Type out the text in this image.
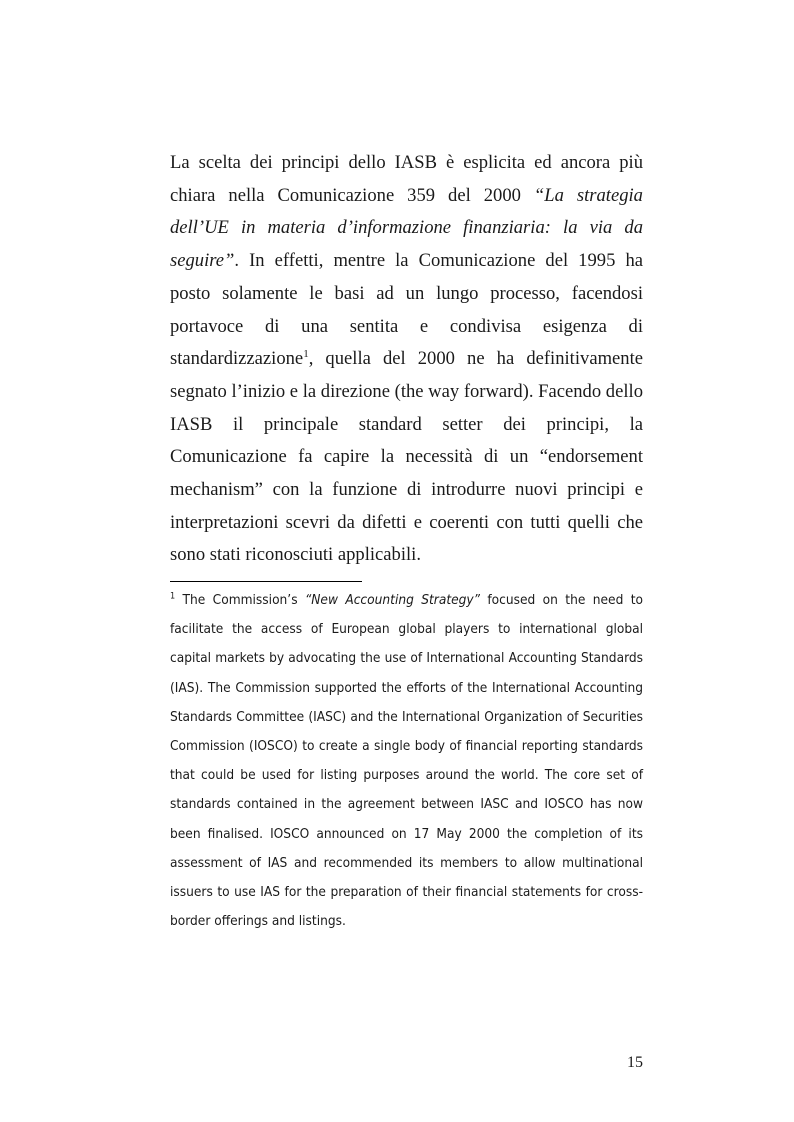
La scelta dei principi dello IASB è esplicita ed ancora più chiara nella Comunicazione 359 del 2000 “La strategia dell’UE in materia d’informazione finanziaria: la via da seguire”. In effetti, mentre la Comunicazione del 1995 ha posto solamente le basi ad un lungo processo, facendosi portavoce di una sentita e condivisa esigenza di standardizzazione$^1$, quella del 2000 ne ha definitivamente segnato l’inizio e la direzione (the way forward). Facendo dello IASB il principale standard setter dei principi, la Comunicazione fa capire la necessità di un “endorsement mechanism” con la funzione di introdurre nuovi principi e interpretazioni scevri da difetti e coerenti con tutti quelli che sono stati riconosciuti applicabili.

$^1$ The Commission’s “New Accounting Strategy” focused on the need to facilitate the access of European global players to international global capital markets by advocating the use of International Accounting Standards (IAS). The Commission supported the efforts of the International Accounting Standards Committee (IASC) and the International Organization of Securities Commission (IOSCO) to create a single body of financial reporting standards that could be used for listing purposes around the world. The core set of standards contained in the agreement between IASC and IOSCO has now been finalised. IOSCO announced on 17 May 2000 the completion of its assessment of IAS and recommended its members to allow multinational issuers to use IAS for the preparation of their financial statements for cross-border offerings and listings.

15
